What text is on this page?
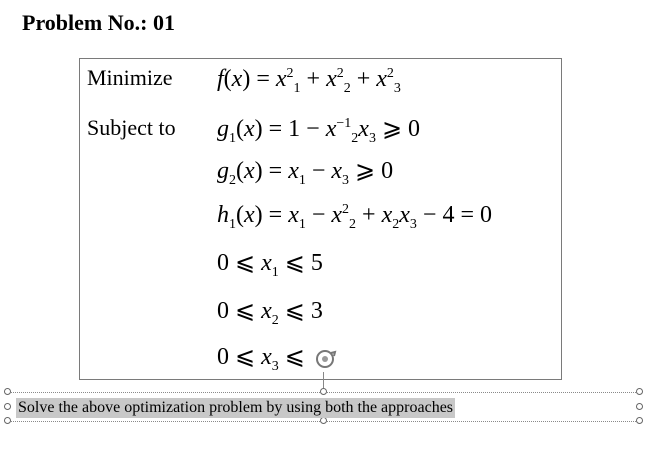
Problem No.: 01
Minimize $f(x) = x^2_1 + x^2_2 + x^2_3$
Subject to $g_1(x) = 1 - x^{-1}_2x_3$ ⩾ 0
$g_2(x) = x_1 - x_3$ ⩾ 0
$h_1(x) = x_1 - x^2_2 + x_2x_3 - 4 = 0$
0 ⩽ $x_1$ ⩽ 5
0 ⩽ $x_2$ ⩽ 3
0 ⩽ $x_3$ ⩽
Solve the above optimization problem by using both the approaches
